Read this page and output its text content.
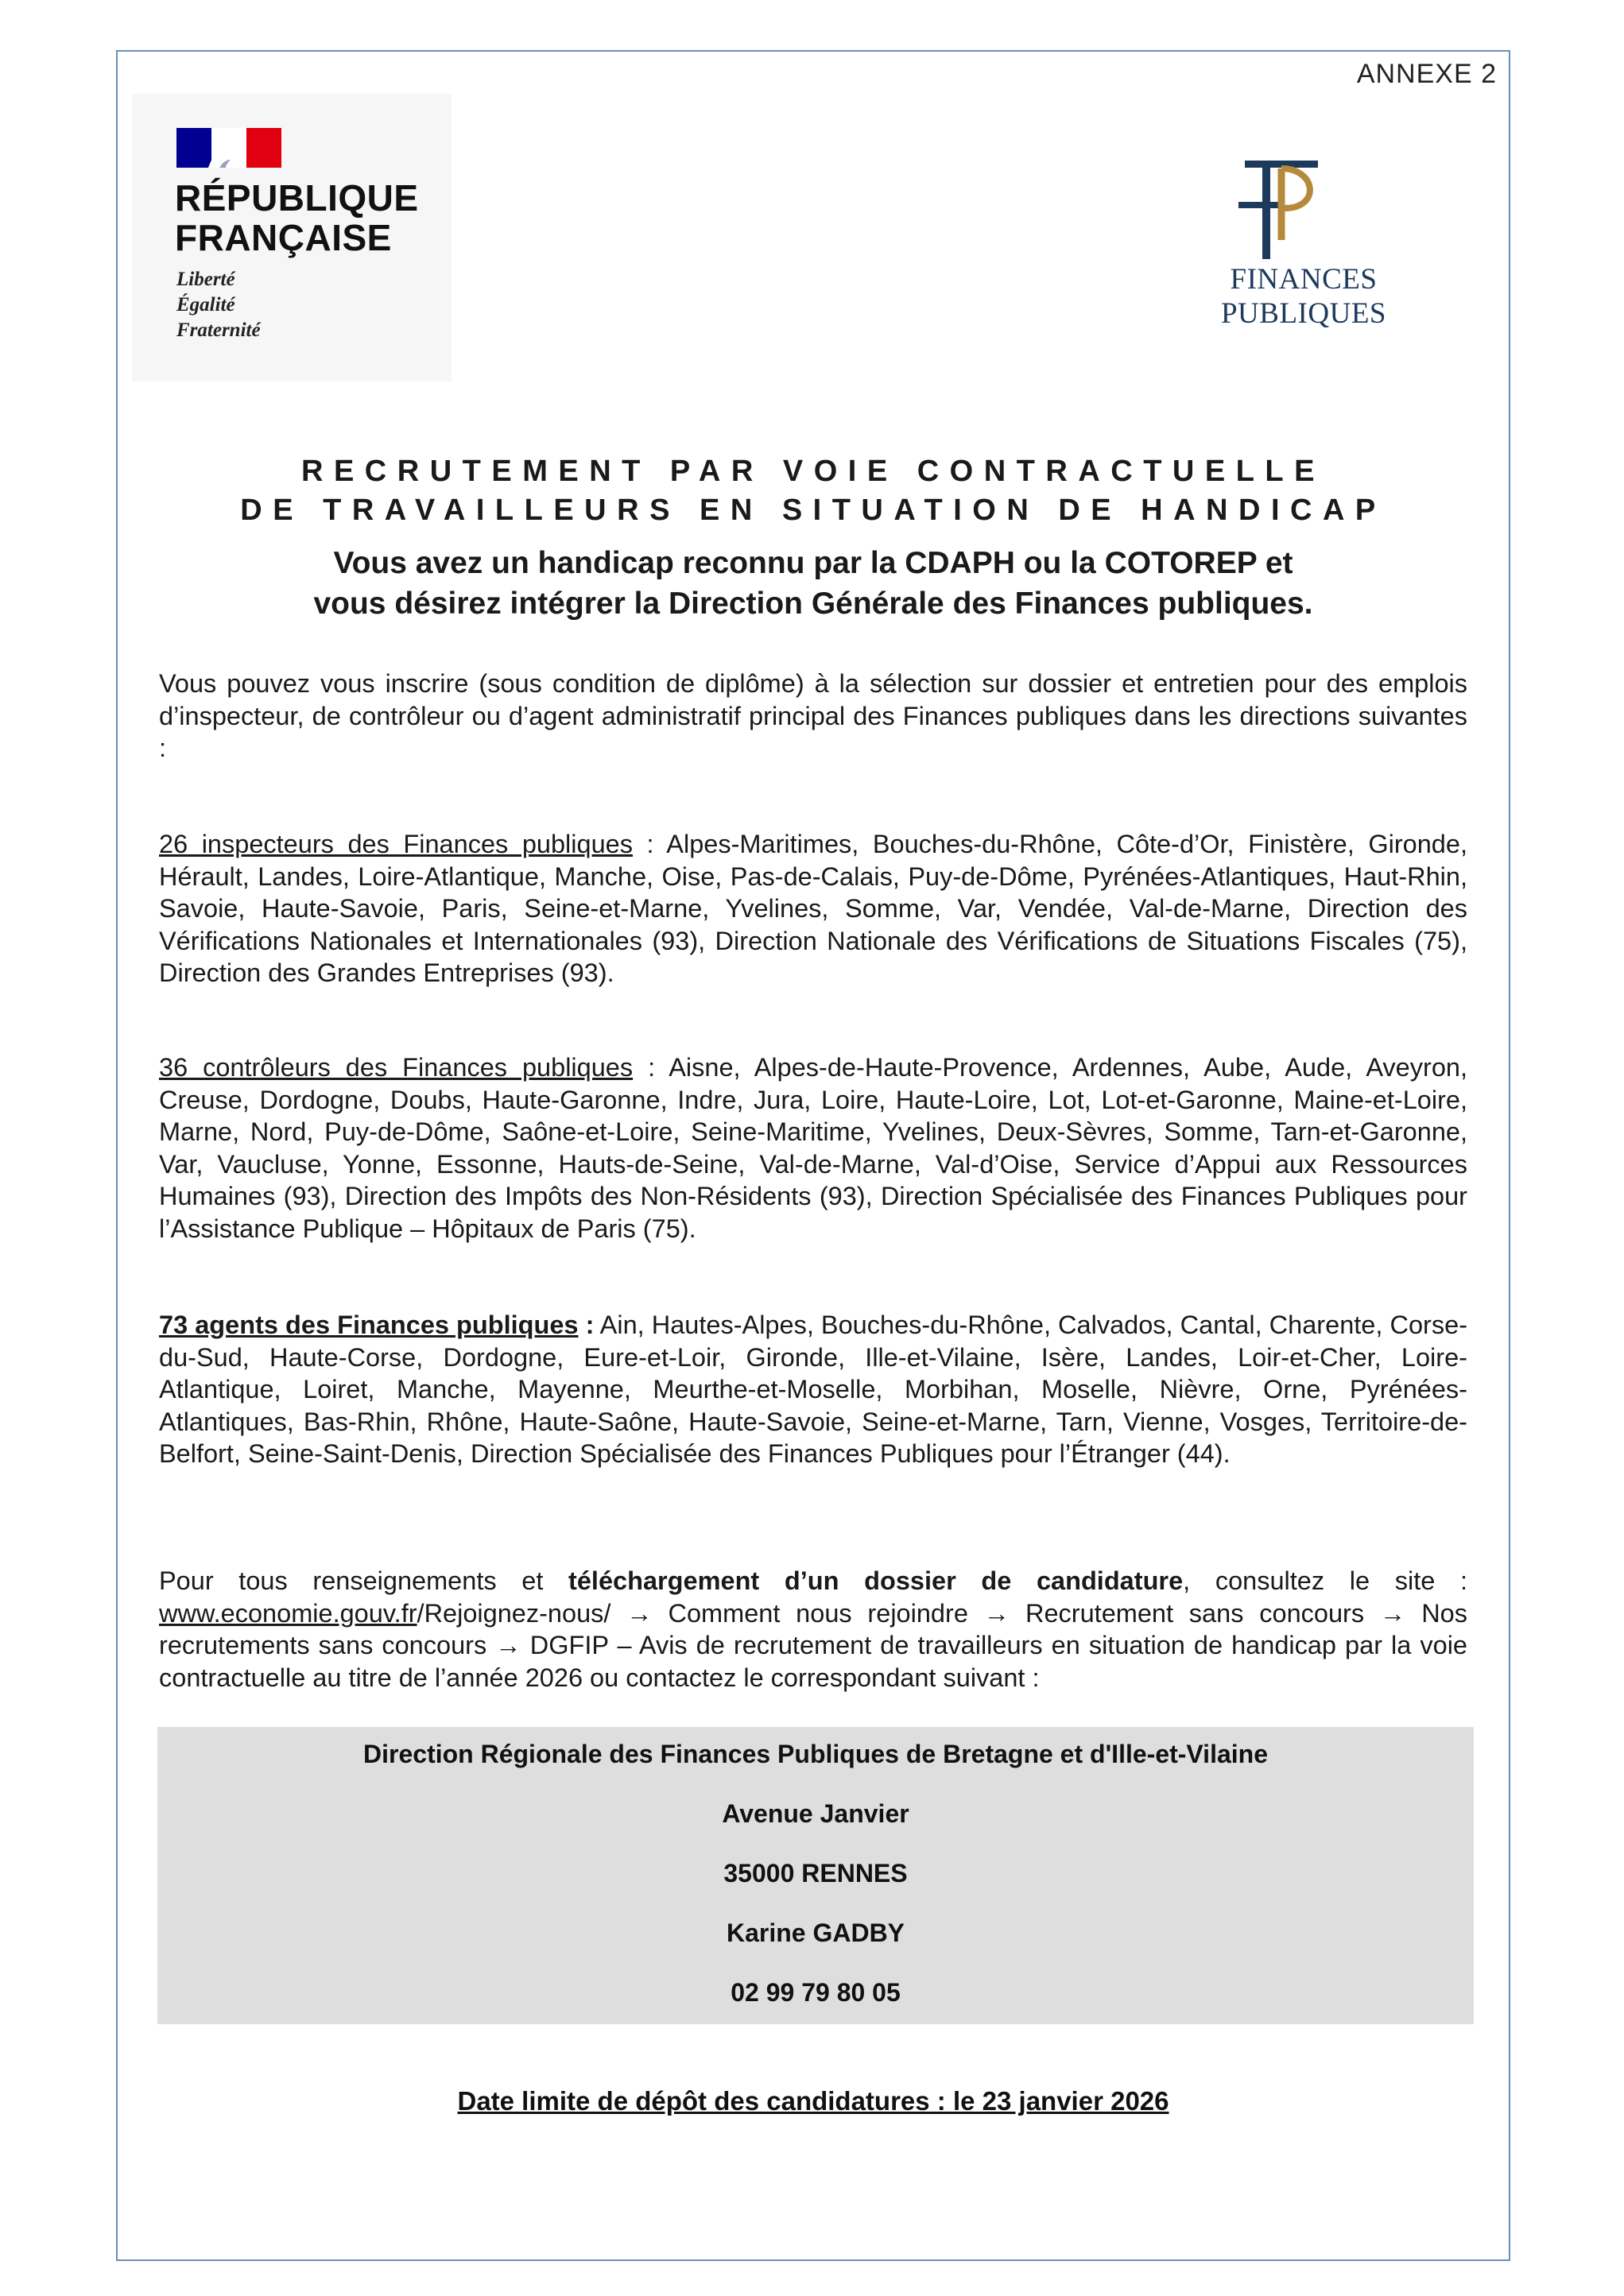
ANNEXE 2
RÉPUBLIQUE
FRANÇAISE
Liberté
Égalité
Fraternité
FINANCES PUBLIQUES
RECRUTEMENT PAR VOIE CONTRACTUELLE
DE TRAVAILLEURS EN SITUATION DE HANDICAP
Vous avez un handicap reconnu par la CDAPH ou la COTOREP et
vous désirez intégrer la Direction Générale des Finances publiques.
Vous pouvez vous inscrire (sous condition de diplôme) à la sélection sur dossier et entretien pour des emplois d’inspecteur, de contrôleur ou d’agent administratif principal des Finances publiques dans les directions suivantes :
26 inspecteurs des Finances publiques : Alpes-Maritimes, Bouches-du-Rhône, Côte-d’Or, Finistère, Gironde, Hérault, Landes, Loire-Atlantique, Manche, Oise, Pas-de-Calais, Puy-de-Dôme, Pyrénées-Atlantiques, Haut-Rhin, Savoie, Haute-Savoie, Paris, Seine-et-Marne, Yvelines, Somme, Var, Vendée, Val-de-Marne, Direction des Vérifications Nationales et Internationales (93), Direction Nationale des Vérifications de Situations Fiscales (75), Direction des Grandes Entreprises (93).
36 contrôleurs des Finances publiques : Aisne, Alpes-de-Haute-Provence, Ardennes, Aube, Aude, Aveyron, Creuse, Dordogne, Doubs, Haute-Garonne, Indre, Jura, Loire, Haute-Loire, Lot, Lot-et-Garonne, Maine-et-Loire, Marne, Nord, Puy-de-Dôme, Saône-et-Loire, Seine-Maritime, Yvelines, Deux-Sèvres, Somme, Tarn-et-Garonne, Var, Vaucluse, Yonne, Essonne, Hauts-de-Seine, Val-de-Marne, Val-d’Oise, Service d’Appui aux Ressources Humaines (93), Direction des Impôts des Non-Résidents (93), Direction Spécialisée des Finances Publiques pour l’Assistance Publique – Hôpitaux de Paris (75).
73 agents des Finances publiques : Ain, Hautes-Alpes, Bouches-du-Rhône, Calvados, Cantal, Charente, Corse-du-Sud, Haute-Corse, Dordogne, Eure-et-Loir, Gironde, Ille-et-Vilaine, Isère, Landes, Loir-et-Cher, Loire-Atlantique, Loiret, Manche, Mayenne, Meurthe-et-Moselle, Morbihan, Moselle, Nièvre, Orne, Pyrénées-Atlantiques, Bas-Rhin, Rhône, Haute-Saône, Haute-Savoie, Seine-et-Marne, Tarn, Vienne, Vosges, Territoire-de-Belfort, Seine-Saint-Denis, Direction Spécialisée des Finances Publiques pour l’Étranger (44).
Pour tous renseignements et téléchargement d’un dossier de candidature, consultez le site : www.economie.gouv.fr/Rejoignez-nous/ → Comment nous rejoindre → Recrutement sans concours → Nos recrutements sans concours → DGFIP – Avis de recrutement de travailleurs en situation de handicap par la voie contractuelle au titre de l’année 2026 ou contactez le correspondant suivant :
Direction Régionale des Finances Publiques de Bretagne et d'Ille-et-Vilaine
Avenue Janvier
35000 RENNES
Karine GADBY
02 99 79 80 05
Date limite de dépôt des candidatures : le 23 janvier 2026
